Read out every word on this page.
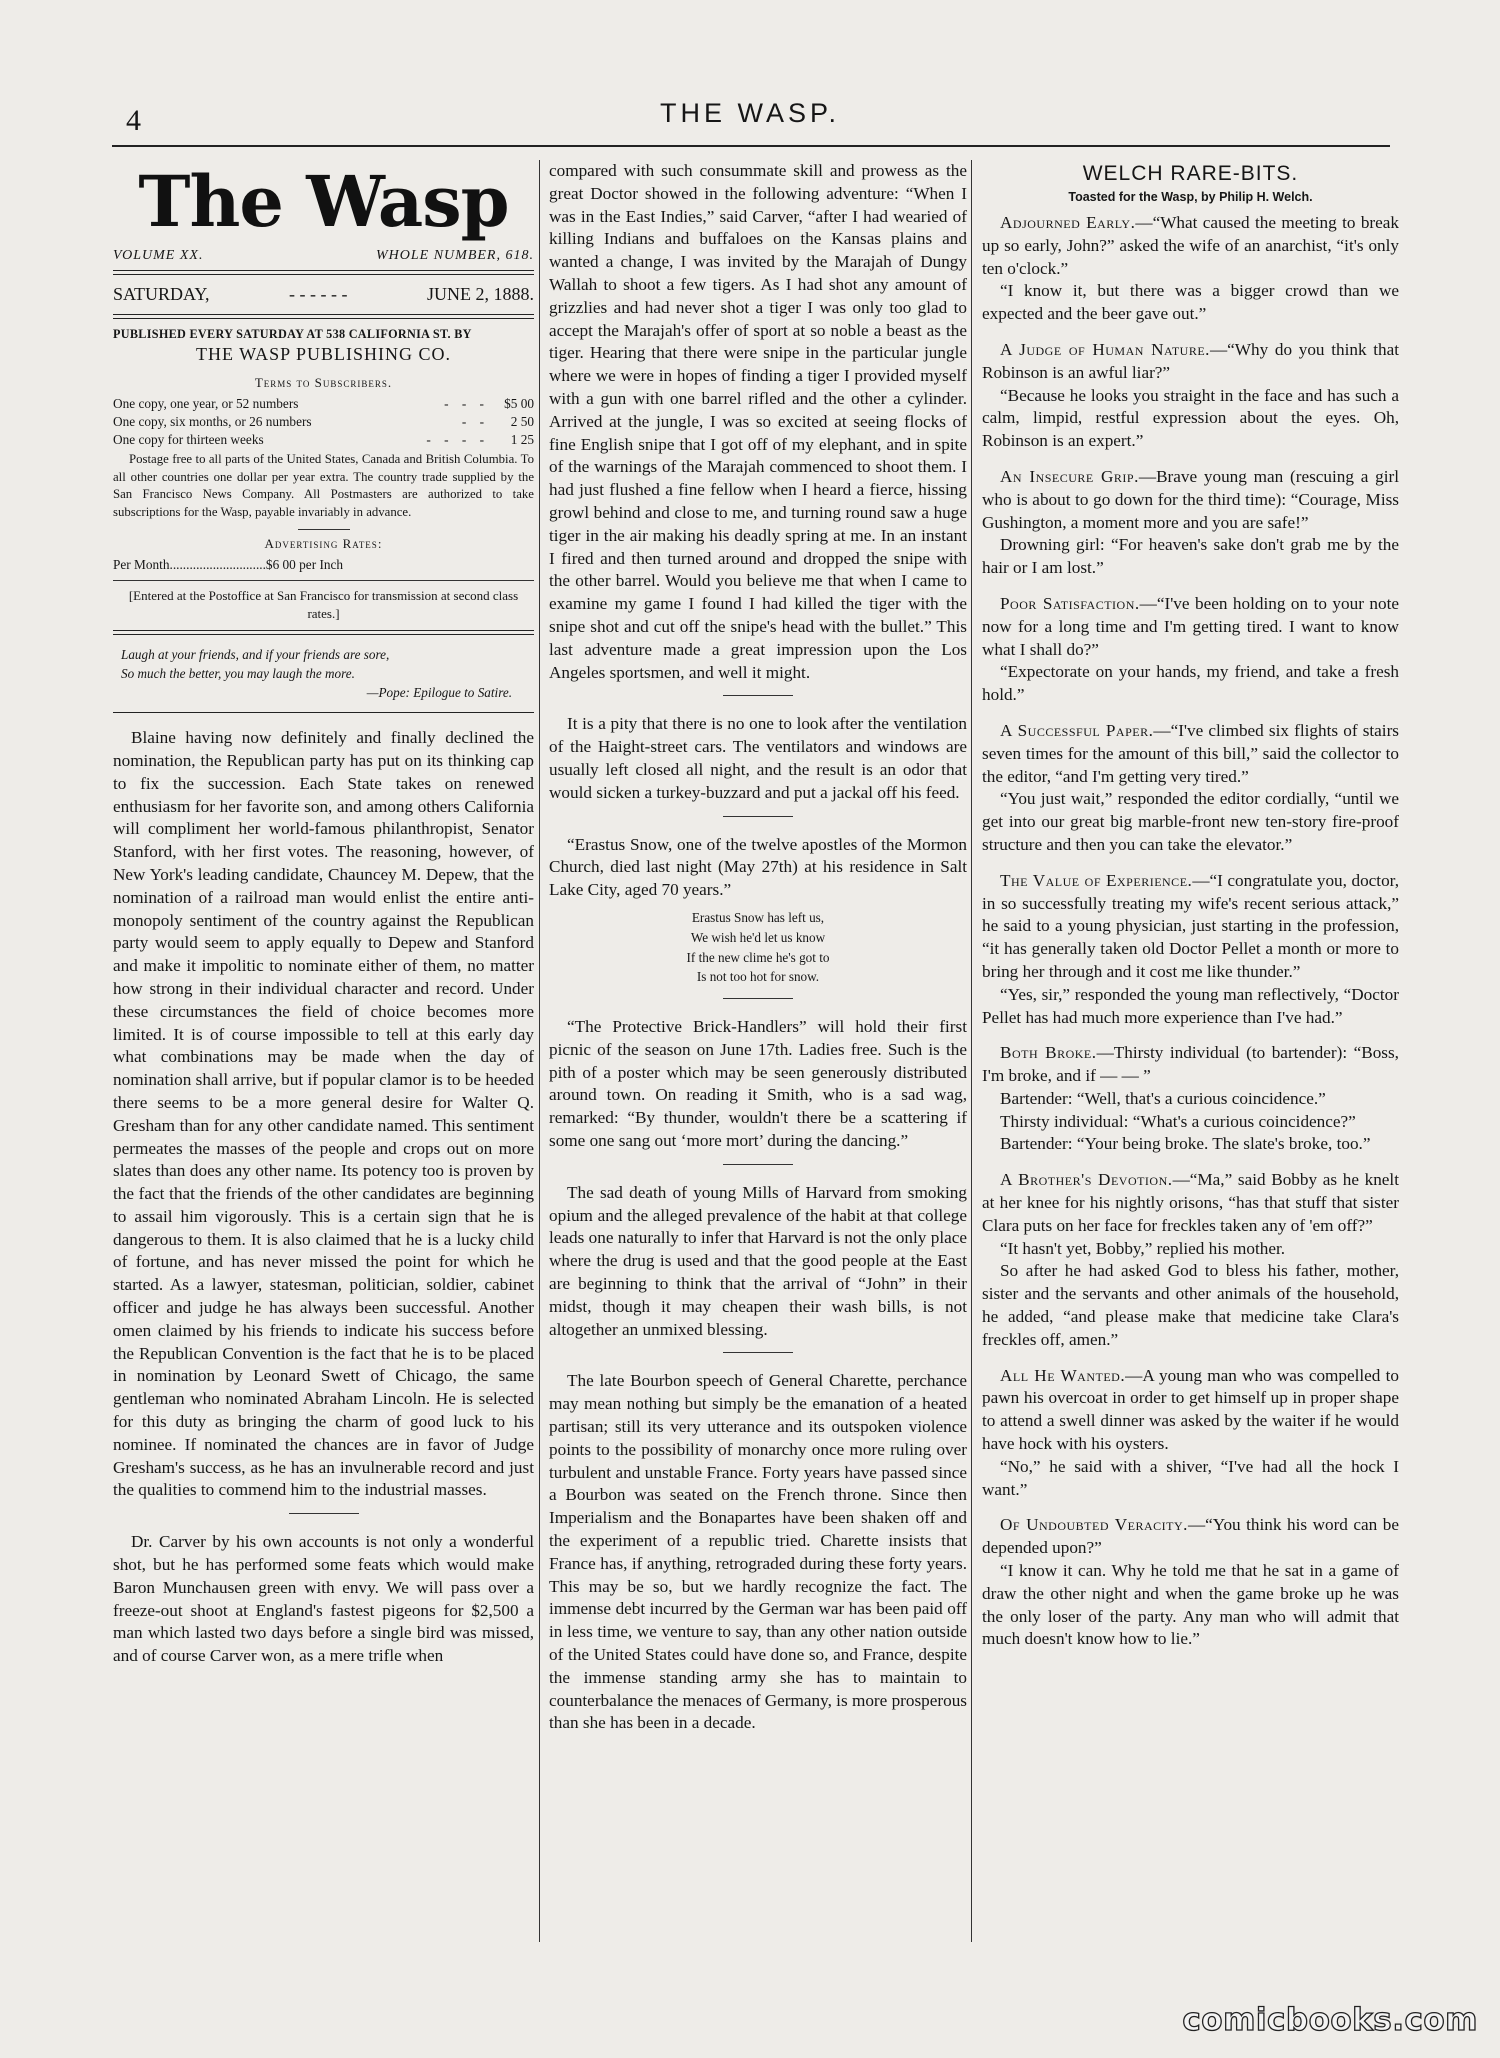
4	THE WASP.
The Wasp
VOLUME XX.	WHOLE NUMBER, 618.
SATURDAY,	- - - - - -	JUNE 2, 1888.
PUBLISHED EVERY SATURDAY AT 538 CALIFORNIA ST. BY
THE WASP PUBLISHING CO.
Terms to Subscribers.
One copy, one year, or 52 numbers	-    -    -	$5 00
One copy, six months, or 26 numbers	-    -	2 50
One copy for thirteen weeks	-    -    -    -	1 25

Postage free to all parts of the United States, Canada and British Columbia. To all other countries one dollar per year extra. The country trade supplied by the San Francisco News Company. All Postmasters are authorized to take subscriptions for the Wasp, payable invariably in advance.

Advertising Rates:
Per Month.............................$6 00 per Inch
[Entered at the Postoffice at San Francisco for transmission at second class rates.]
Laugh at your friends, and if your friends are sore,
So much the better, you may laugh the more.
—Pope: Epilogue to Satire.

Blaine having now definitely and finally declined the nomination, the Republican party has put on its thinking cap to fix the succession. Each State takes on renewed enthusiasm for her favorite son, and among others California will compliment her world-famous philanthropist, Senator Stanford, with her first votes. The reasoning, however, of New York's leading candidate, Chauncey M. Depew, that the nomination of a railroad man would enlist the entire anti-monopoly sentiment of the country against the Republican party would seem to apply equally to Depew and Stanford and make it impolitic to nominate either of them, no matter how strong in their individual character and record. Under these circumstances the field of choice becomes more limited. It is of course impossible to tell at this early day what combinations may be made when the day of nomination shall arrive, but if popular clamor is to be heeded there seems to be a more general desire for Walter Q. Gresham than for any other candidate named. This sentiment permeates the masses of the people and crops out on more slates than does any other name. Its potency too is proven by the fact that the friends of the other candidates are beginning to assail him vigorously. This is a certain sign that he is dangerous to them. It is also claimed that he is a lucky child of fortune, and has never missed the point for which he started. As a lawyer, statesman, politician, soldier, cabinet officer and judge he has always been successful. Another omen claimed by his friends to indicate his success before the Republican Convention is the fact that he is to be placed in nomination by Leonard Swett of Chicago, the same gentleman who nominated Abraham Lincoln. He is selected for this duty as bringing the charm of good luck to his nominee. If nominated the chances are in favor of Judge Gresham's success, as he has an invulnerable record and just the qualities to commend him to the industrial masses.

Dr. Carver by his own accounts is not only a wonderful shot, but he has performed some feats which would make Baron Munchausen green with envy. We will pass over a freeze-out shoot at England's fastest pigeons for $2,500 a man which lasted two days before a single bird was missed, and of course Carver won, as a mere trifle when

compared with such consummate skill and prowess as the great Doctor showed in the following adventure: “When I was in the East Indies,” said Carver, “after I had wearied of killing Indians and buffaloes on the Kansas plains and wanted a change, I was invited by the Marajah of Dungy Wallah to shoot a few tigers. As I had shot any amount of grizzlies and had never shot a tiger I was only too glad to accept the Marajah's offer of sport at so noble a beast as the tiger. Hearing that there were snipe in the particular jungle where we were in hopes of finding a tiger I provided myself with a gun with one barrel rifled and the other a cylinder. Arrived at the jungle, I was so excited at seeing flocks of fine English snipe that I got off of my elephant, and in spite of the warnings of the Marajah commenced to shoot them. I had just flushed a fine fellow when I heard a fierce, hissing growl behind and close to me, and turning round saw a huge tiger in the air making his deadly spring at me. In an instant I fired and then turned around and dropped the snipe with the other barrel. Would you believe me that when I came to examine my game I found I had killed the tiger with the snipe shot and cut off the snipe's head with the bullet.” This last adventure made a great impression upon the Los Angeles sportsmen, and well it might.

It is a pity that there is no one to look after the ventilation of the Haight-street cars. The ventilators and windows are usually left closed all night, and the result is an odor that would sicken a turkey-buzzard and put a jackal off his feed.

“Erastus Snow, one of the twelve apostles of the Mormon Church, died last night (May 27th) at his residence in Salt Lake City, aged 70 years.”

Erastus Snow has left us,
We wish he'd let us know
If the new clime he's got to
Is not too hot for snow.

“The Protective Brick-Handlers” will hold their first picnic of the season on June 17th. Ladies free. Such is the pith of a poster which may be seen generously distributed around town. On reading it Smith, who is a sad wag, remarked: “By thunder, wouldn't there be a scattering if some one sang out ‘more mort’ during the dancing.”

The sad death of young Mills of Harvard from smoking opium and the alleged prevalence of the habit at that college leads one naturally to infer that Harvard is not the only place where the drug is used and that the good people at the East are beginning to think that the arrival of “John” in their midst, though it may cheapen their wash bills, is not altogether an unmixed blessing.

The late Bourbon speech of General Charette, perchance may mean nothing but simply be the emanation of a heated partisan; still its very utterance and its outspoken violence points to the possibility of monarchy once more ruling over turbulent and unstable France. Forty years have passed since a Bourbon was seated on the French throne. Since then Imperialism and the Bonapartes have been shaken off and the experiment of a republic tried. Charette insists that France has, if anything, retrograded during these forty years. This may be so, but we hardly recognize the fact. The immense debt incurred by the German war has been paid off in less time, we venture to say, than any other nation outside of the United States could have done so, and France, despite the immense standing army she has to maintain to counterbalance the menaces of Germany, is more prosperous than she has been in a decade.

WELCH RARE-BITS.
Toasted for the Wasp, by Philip H. Welch.

Adjourned Early.—“What caused the meeting to break up so early, John?” asked the wife of an anarchist, “it's only ten o'clock.”

“I know it, but there was a bigger crowd than we expected and the beer gave out.”

A Judge of Human Nature.—“Why do you think that Robinson is an awful liar?”

“Because he looks you straight in the face and has such a calm, limpid, restful expression about the eyes. Oh, Robinson is an expert.”

An Insecure Grip.—Brave young man (rescuing a girl who is about to go down for the third time): “Courage, Miss Gushington, a moment more and you are safe!”

Drowning girl: “For heaven's sake don't grab me by the hair or I am lost.”

Poor Satisfaction.—“I've been holding on to your note now for a long time and I'm getting tired. I want to know what I shall do?”

“Expectorate on your hands, my friend, and take a fresh hold.”

A Successful Paper.—“I've climbed six flights of stairs seven times for the amount of this bill,” said the collector to the editor, “and I'm getting very tired.”

“You just wait,” responded the editor cordially, “until we get into our great big marble-front new ten-story fire-proof structure and then you can take the elevator.”

The Value of Experience.—“I congratulate you, doctor, in so successfully treating my wife's recent serious attack,” he said to a young physician, just starting in the profession, “it has generally taken old Doctor Pellet a month or more to bring her through and it cost me like thunder.”

“Yes, sir,” responded the young man reflectively, “Doctor Pellet has had much more experience than I've had.”

Both Broke.—Thirsty individual (to bartender): “Boss, I'm broke, and if — — ”

Bartender: “Well, that's a curious coincidence.”

Thirsty individual: “What's a curious coincidence?”

Bartender: “Your being broke. The slate's broke, too.”

A Brother's Devotion.—“Ma,” said Bobby as he knelt at her knee for his nightly orisons, “has that stuff that sister Clara puts on her face for freckles taken any of 'em off?”

“It hasn't yet, Bobby,” replied his mother.

So after he had asked God to bless his father, mother, sister and the servants and other animals of the household, he added, “and please make that medicine take Clara's freckles off, amen.”

All He Wanted.—A young man who was compelled to pawn his overcoat in order to get himself up in proper shape to attend a swell dinner was asked by the waiter if he would have hock with his oysters.

“No,” he said with a shiver, “I've had all the hock I want.”

Of Undoubted Veracity.—“You think his word can be depended upon?”

“I know it can. Why he told me that he sat in a game of draw the other night and when the game broke up he was the only loser of the party. Any man who will admit that much doesn't know how to lie.”

comicbooks.com
